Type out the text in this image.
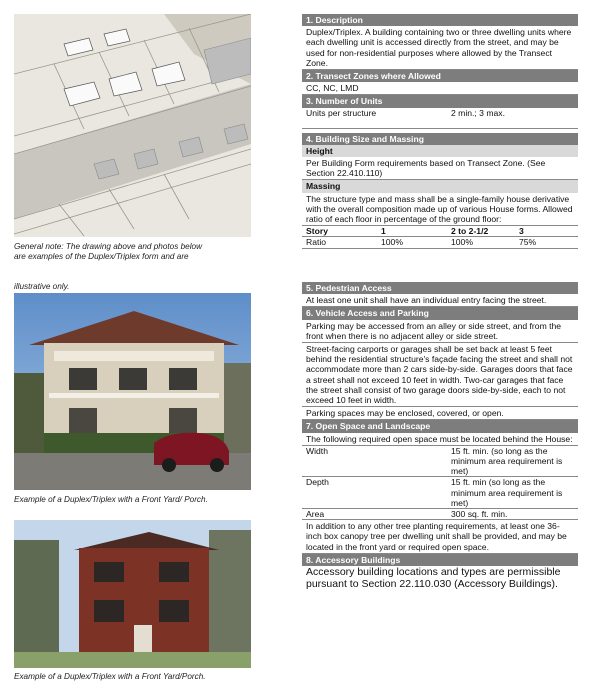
General note: The drawing above and photos below
are examples of the Duplex/Triplex form and are
illustrative only.
Example of a Duplex/Triplex with a Front Yard/ Porch.
Example of a Duplex/Triplex with a Front Yard/Porch.
1. Description
Duplex/Triplex. A building containing two or three dwelling units where each dwelling unit is accessed directly from the street, and may be used for non-residential purposes where allowed by the Transect Zone.
2. Transect Zones where Allowed
CC, NC, LMD
3. Number of Units
Units per structure	2 min.; 3 max.
4. Building Size and Massing
Height
Per Building Form requirements based on Transect Zone. (See Section 22.410.110)
Massing
The structure type and mass shall be a single-family house derivative with the overall composition made up of various House forms. Allowed ratio of each floor in percentage of the ground floor:
Story	1	2 to 2-1/2	3
Ratio	100%	100%	75%
5. Pedestrian Access
At least one unit shall have an individual entry facing the street.
6. Vehicle Access and Parking
Parking may be accessed from an alley or side street, and from the front when there is no adjacent alley or side street.
Street-facing carports or garages shall be set back at least 5 feet behind the residential structure's façade facing the street and shall not accommodate more than 2 cars side-by-side. Garages doors that face a street shall not exceed 10 feet in width. Two-car garages that face the street shall consist of two garage doors side-by-side, each to not exceed 10 feet in width.
Parking spaces may be enclosed, covered, or open.
7. Open Space and Landscape
The following required open space must be located behind the House:
Width	15 ft. min. (so long as the minimum area requirement is met)
Depth	15 ft. min (so long as the minimum area requirement is met)
Area	300 sq. ft. min.
In addition to any other tree planting requirements, at least one 36-inch box canopy tree per dwelling unit shall be provided, and may be located in the front yard or required open space.
8. Accessory Buildings
Accessory building locations and types are permissible pursuant to Section 22.110.030 (Accessory Buildings).
